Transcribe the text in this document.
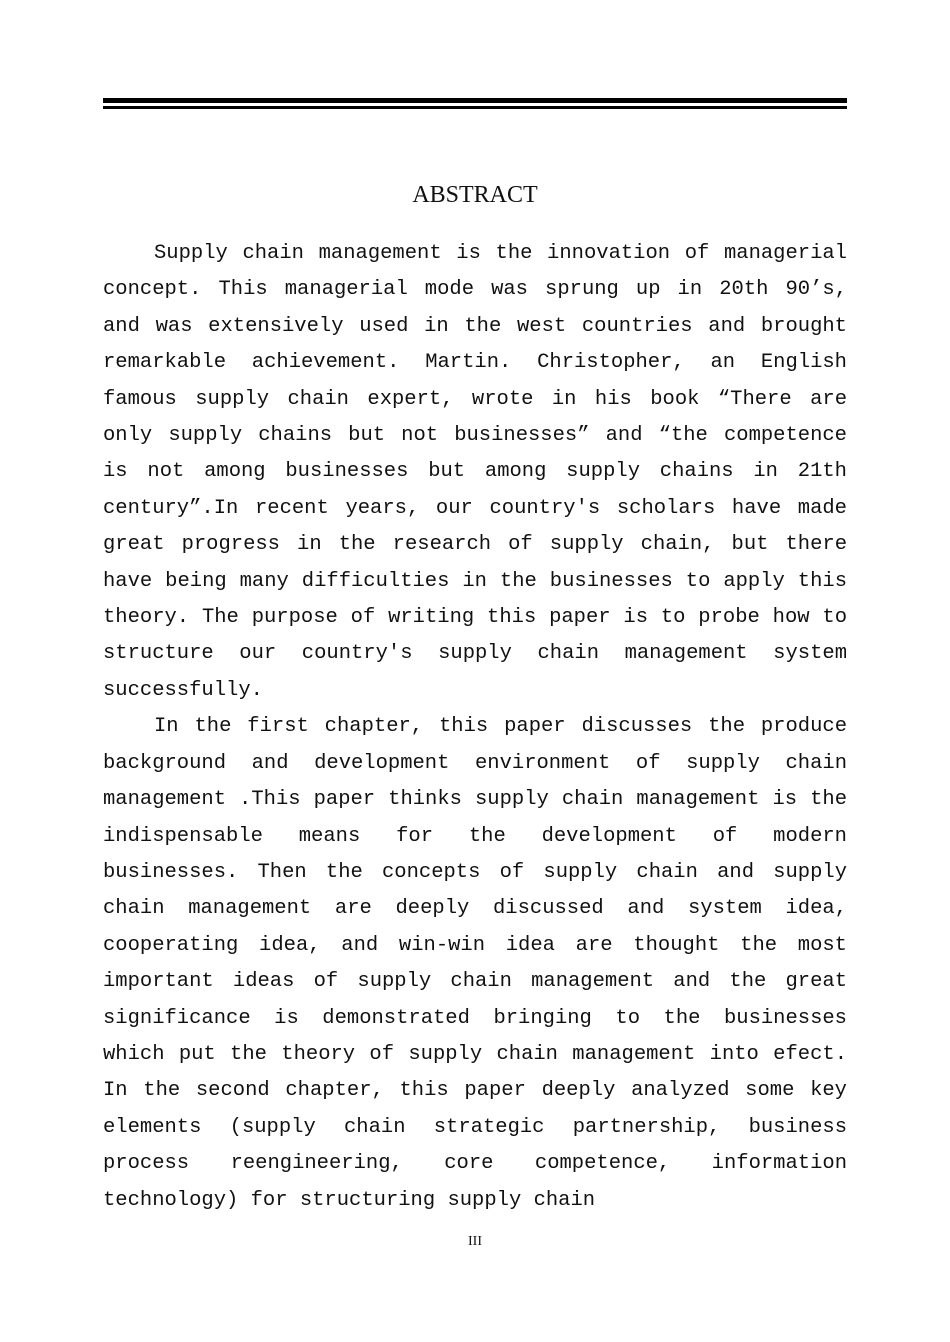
ABSTRACT

Supply chain management is the innovation of managerial concept. This managerial mode was sprung up in 20th 90’s, and was extensively used in the west countries and brought remarkable achievement. Martin. Christopher, an English famous supply chain expert, wrote in his book “There are only supply chains but not businesses” and “the competence is not among businesses but among supply chains in 21th century”.In recent years, our country's scholars have made great progress in the research of supply chain, but there have being many difficulties in the businesses to apply this theory. The purpose of writing this paper is to probe how to structure our country's supply chain management system successfully.

In the first chapter, this paper discusses the produce background and development environment of supply chain management .This paper thinks supply chain management is the indispensable means for the development of modern businesses. Then the concepts of supply chain and supply chain management are deeply discussed and system idea, cooperating idea, and win-win idea are thought the most important ideas of supply chain management and the great significance is demonstrated bringing to the businesses which put the theory of supply chain management into efect. In the second chapter, this paper deeply analyzed some key elements (supply chain strategic partnership, business process reengineering, core competence, information technology) for structuring supply chain

III
